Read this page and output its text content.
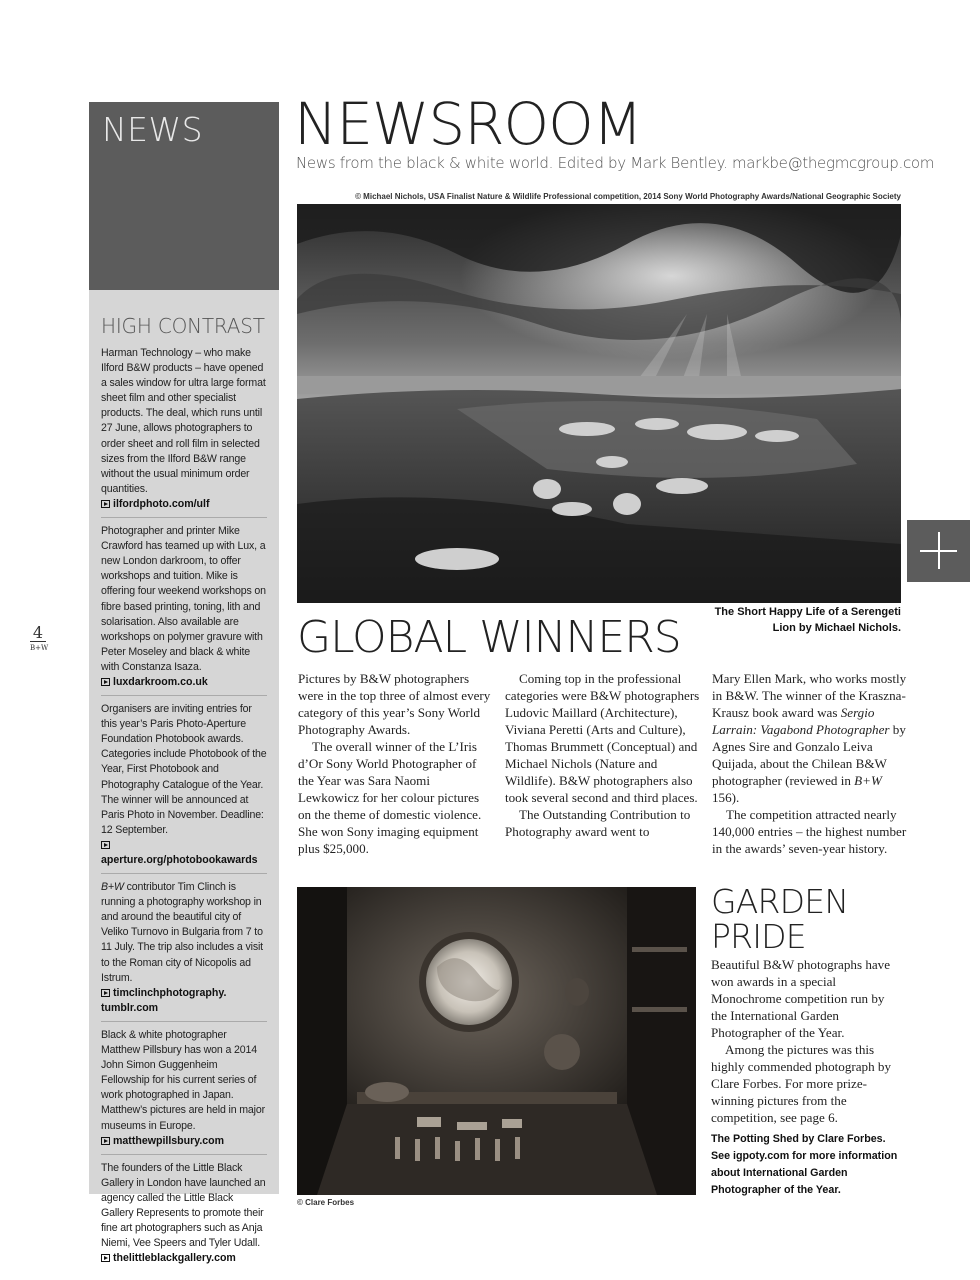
NEWS
HIGH CONTRAST

Harman Technology – who make Ilford B&W products – have opened a sales window for ultra large format sheet film and other specialist products. The deal, which runs until 27 June, allows photographers to order sheet and roll film in selected sizes from the Ilford B&W range without the usual minimum order quantities.

ilfordphoto.com/ulf

Photographer and printer Mike Crawford has teamed up with Lux, a new London darkroom, to offer workshops and tuition. Mike is offering four weekend workshops on fibre based printing, toning, lith and solarisation. Also available are workshops on polymer gravure with Peter Moseley and black & white with Constanza Isaza.

luxdarkroom.co.uk

Organisers are inviting entries for this year’s Paris Photo-Aperture Foundation Photobook awards. Categories include Photobook of the Year, First Photobook and Photography Catalogue of the Year. The winner will be announced at Paris Photo in November. Deadline: 12 September.

aperture.org/photobookawards

B+W contributor Tim Clinch is running a photography workshop in and around the beautiful city of Veliko Turnovo in Bulgaria from 7 to 11 July. The trip also includes a visit to the Roman city of Nicopolis ad Istrum.

timclinchphotography.
tumblr.com

Black & white photographer Matthew Pillsbury has won a 2014 John Simon Guggenheim Fellowship for his current series of work photographed in Japan. Matthew’s pictures are held in major museums in Europe.

matthewpillsbury.com

The founders of the Little Black Gallery in London have launched an agency called the Little Black Gallery Represents to promote their fine art photographers such as Anja Niemi, Vee Speers and Tyler Udall.

thelittleblackgallery.com
4
B+W
NEWSROOM
News from the black & white world. Edited by Mark Bentley. markbe@thegmcgroup.com
© Michael Nichols, USA Finalist Nature & Wildlife Professional competition, 2014 Sony World Photography Awards/National Geographic Society
The Short Happy Life of a Serengeti Lion by Michael Nichols.
GLOBAL WINNERS

Pictures by B&W photographers were in the top three of almost every category of this year’s Sony World Photography Awards.

The overall winner of the L’Iris d’Or Sony World Photographer of the Year was Sara Naomi Lewkowicz for her colour pictures on the theme of domestic violence. She won Sony imaging equipment plus $25,000.

Coming top in the professional categories were B&W photographers Ludovic Maillard (Architecture), Viviana Peretti (Arts and Culture), Thomas Brummett (Conceptual) and Michael Nichols (Nature and Wildlife). B&W photographers also took several second and third places.

The Outstanding Contribution to Photography award went to

Mary Ellen Mark, who works mostly in B&W. The winner of the Kraszna-Krausz book award was Sergio Larrain: Vagabond Photographer by Agnes Sire and Gonzalo Leiva Quijada, about the Chilean B&W photographer (reviewed in B+W 156).

The competition attracted nearly 140,000 entries – the highest number in the awards’ seven-year history.

© Clare Forbes
GARDEN PRIDE

Beautiful B&W photographs have won awards in a special Monochrome competition run by the International Garden Photographer of the Year.

Among the pictures was this highly commended photograph by Clare Forbes. For more prize-winning pictures from the competition, see page 6.

The Potting Shed by Clare Forbes. See igpoty.com for more information about International Garden Photographer of the Year.
